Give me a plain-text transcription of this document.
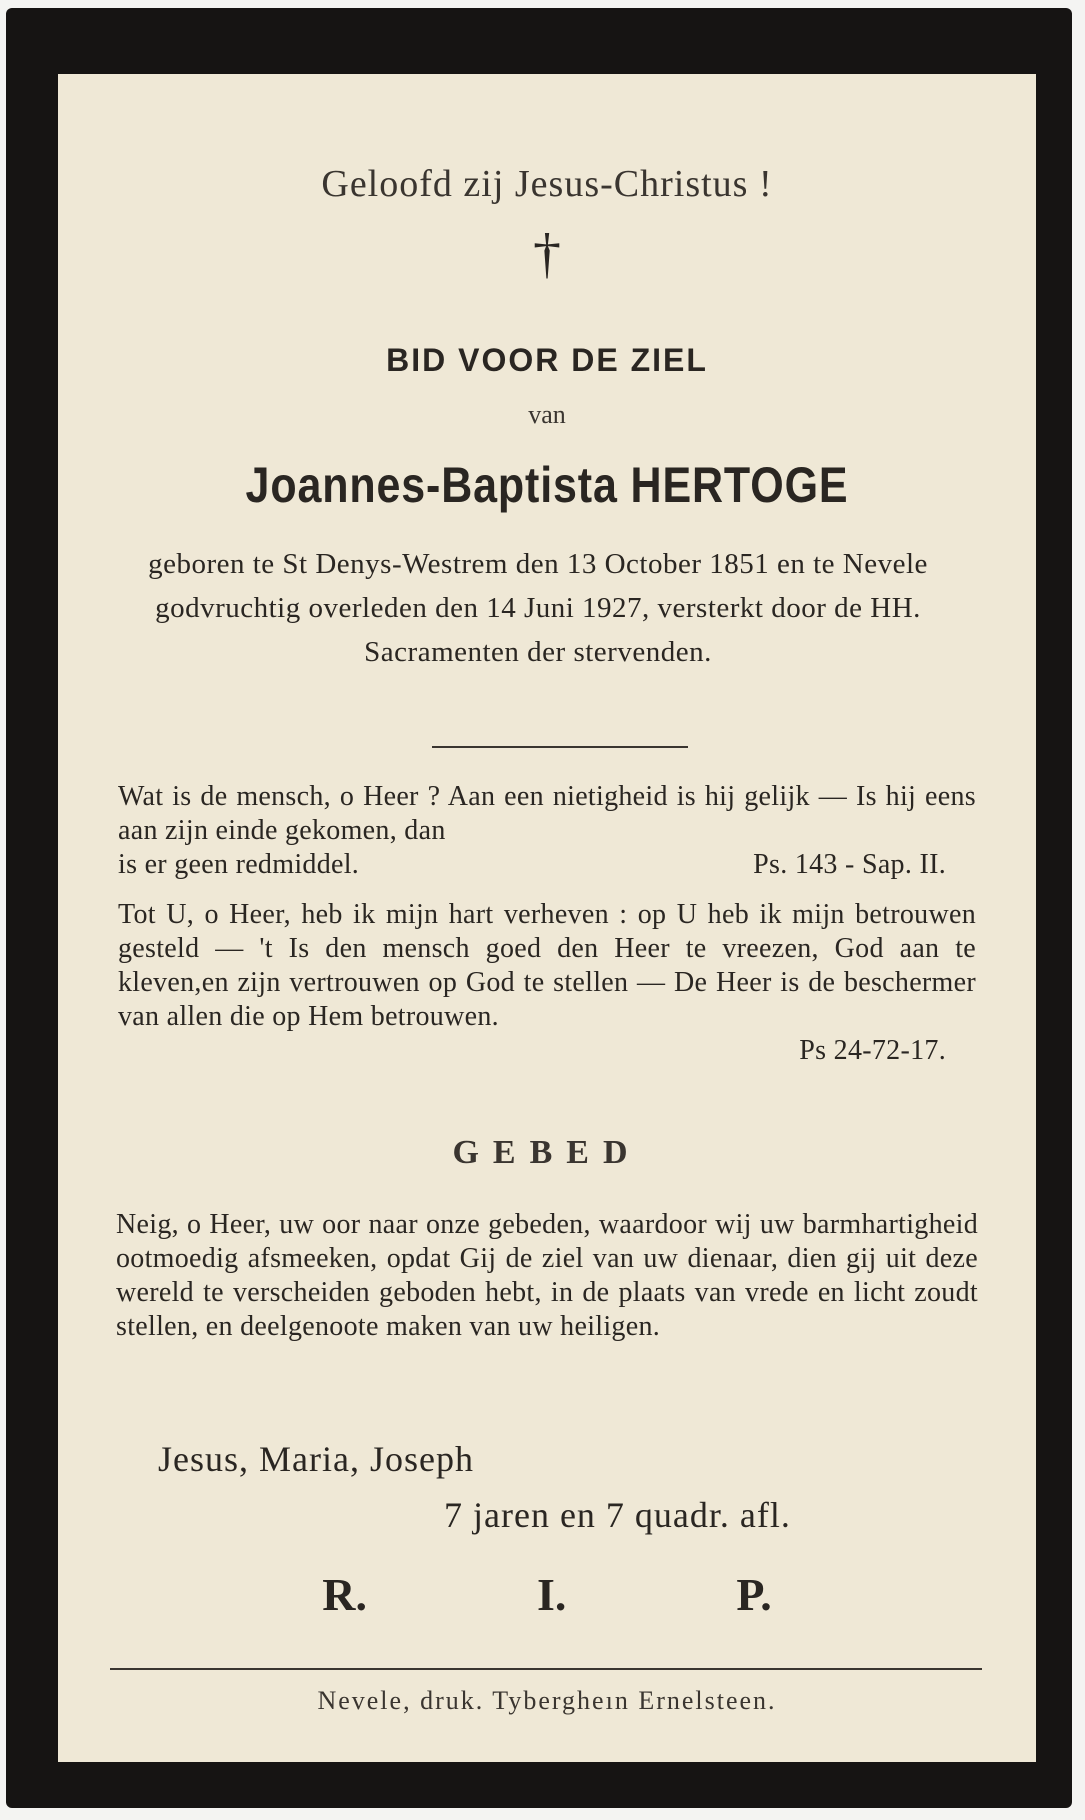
Geloofd zij Jesus-Christus !
†
BID VOOR DE ZIEL
van
Joannes-Baptista HERTOGE
geboren te St Denys-Westrem den 13 October 1851 en te Nevele godvruchtig overleden den 14 Juni 1927, versterkt door de HH. Sacramenten der stervenden.
Wat is de mensch, o Heer ? Aan een nietigheid is hij gelijk — Is hij eens aan zijn einde gekomen, dan
is er geen redmiddel.	Ps. 143 - Sap. II.
Tot U, o Heer, heb ik mijn hart verheven : op U heb ik mijn betrouwen gesteld — 't Is den mensch goed den Heer te vreezen, God aan te kleven,en zijn vertrouwen op God te stellen — De Heer is de beschermer van allen die op Hem betrouwen.
Ps 24-72-17.
GEBED
Neig, o Heer, uw oor naar onze gebeden, waardoor wij uw barmhartigheid ootmoedig afsmeeken, opdat Gij de ziel van uw dienaar, dien gij uit deze wereld te verscheiden geboden hebt, in de plaats van vrede en licht zoudt stellen, en deelgenoote maken van uw heiligen.
Jesus, Maria, Joseph
7 jaren en 7 quadr. afl.
R.	I.	P.
Nevele, druk. Tybergheın Ernelsteen.
